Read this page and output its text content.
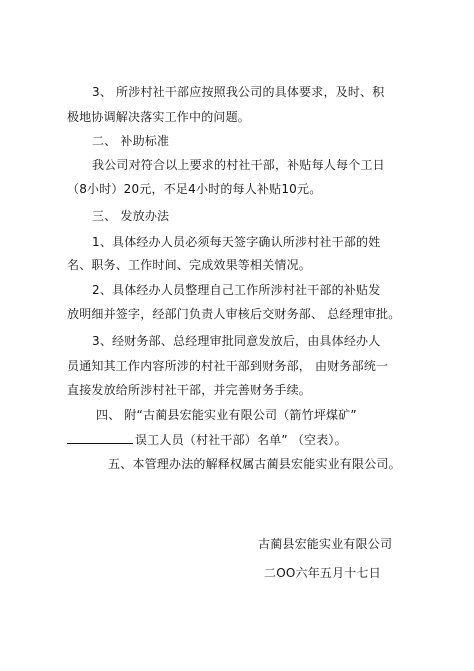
3、 所涉村社干部应按照我公司的具体要求，及时、积
极地协调解决落实工作中的问题。
二、 补助标准
我公司对符合以上要求的村社干部，补贴每人每个工日
（8小时）20元，不足4小时的每人补贴10元。
三、 发放办法
1、具体经办人员必须每天签字确认所涉村社干部的姓
名、职务、工作时间、完成效果等相关情况。
2、具体经办人员整理自己工作所涉村社干部的补贴发
放明细并签字，经部门负责人审核后交财务部、 总经理审批。
3、经财务部、总经理审批同意发放后，由具体经办人
员通知其工作内容所涉的村社干部到财务部， 由财务部统一
直接发放给所涉村社干部，并完善财务手续。
四、 附“古蔺县宏能实业有限公司（箭竹坪煤矿”
误工人员（村社干部）名单” （空表）。
五、本管理办法的解释权属古蔺县宏能实业有限公司。
古蔺县宏能实业有限公司
二OO六年五月十七日
